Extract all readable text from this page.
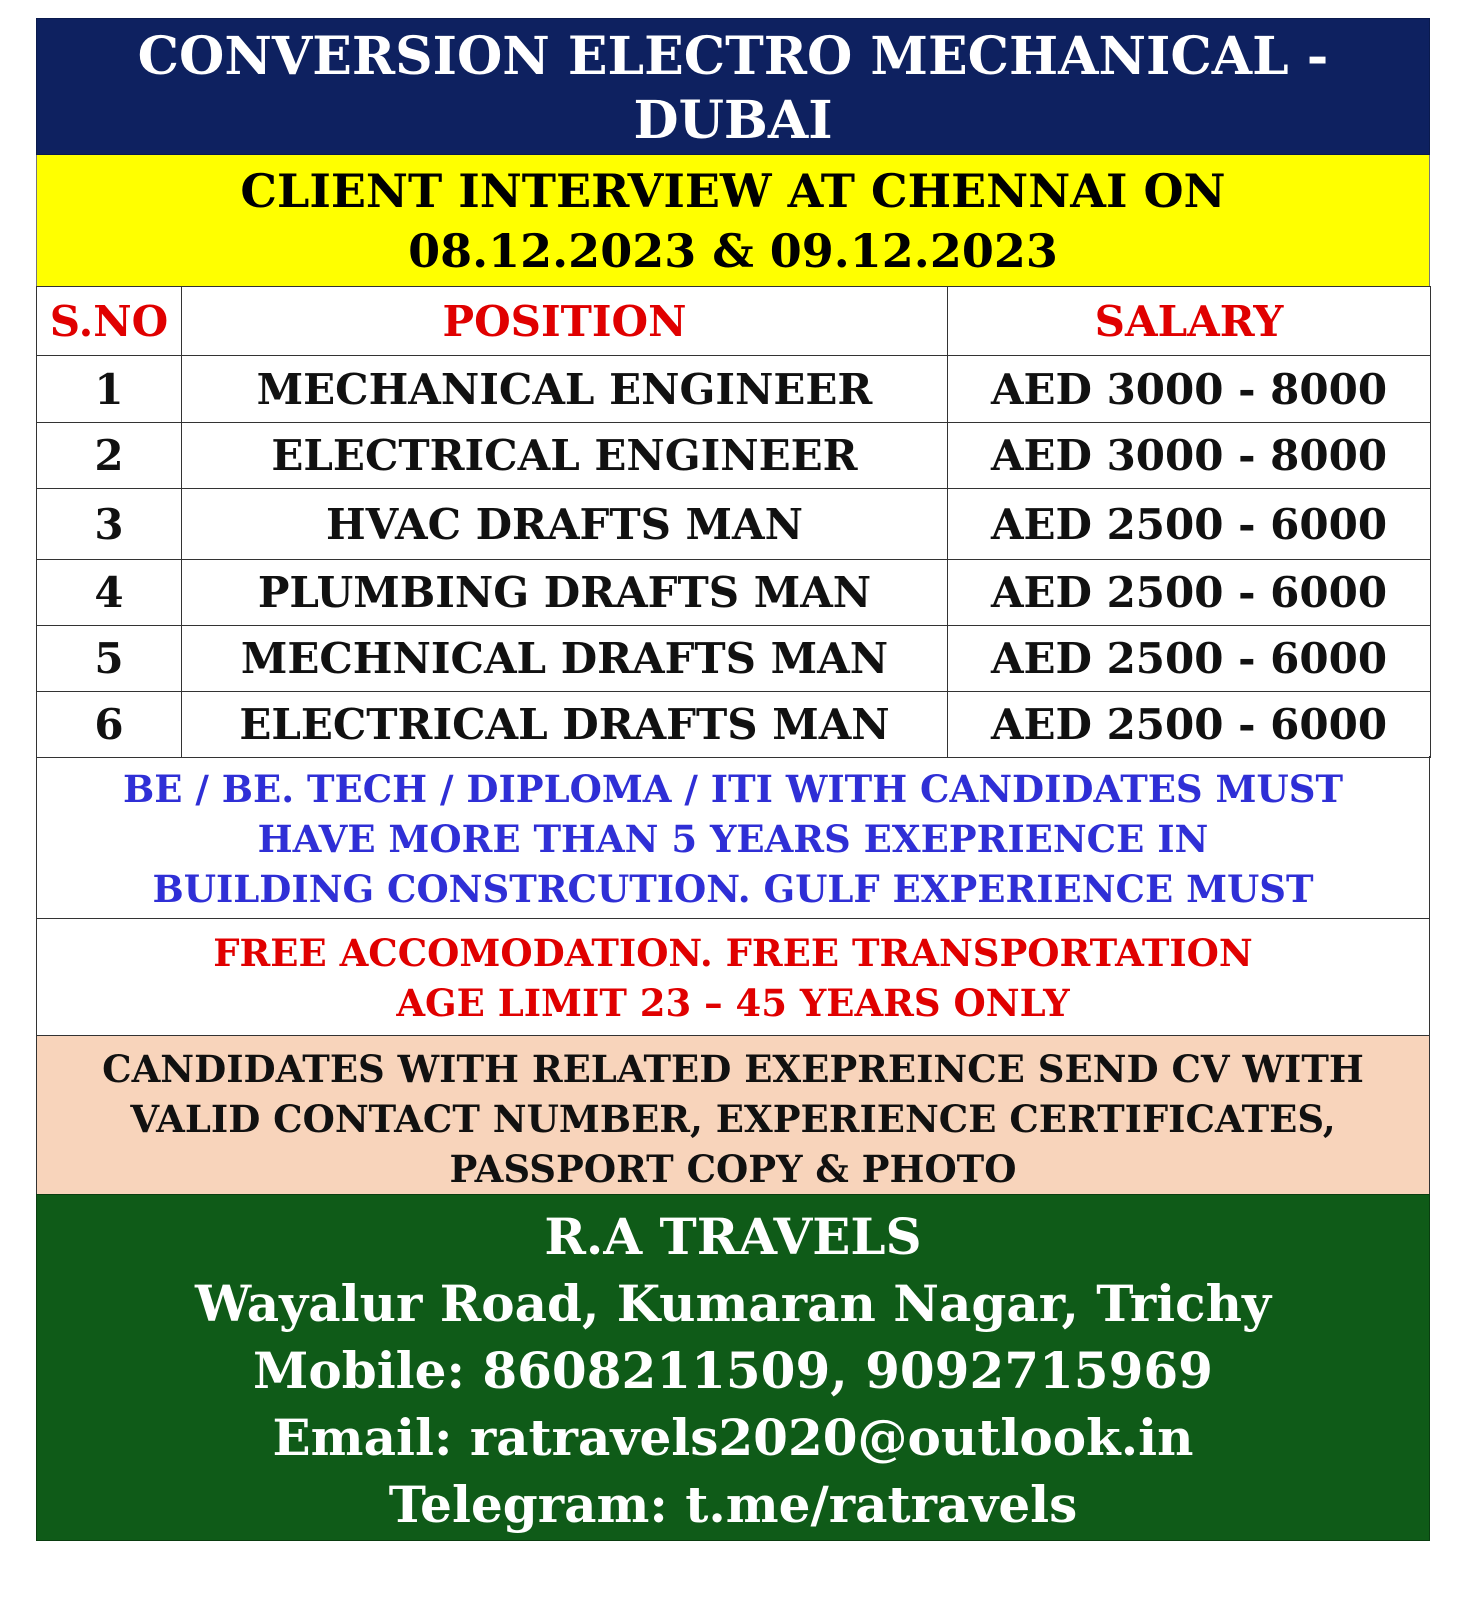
CONVERSION ELECTRO MECHANICAL -
DUBAI
CLIENT INTERVIEW AT CHENNAI ON
08.12.2023 & 09.12.2023
S.NO	POSITION	SALARY
1	MECHANICAL ENGINEER	AED 3000 - 8000
2	ELECTRICAL ENGINEER	AED 3000 - 8000
3	HVAC DRAFTS MAN	AED 2500 - 6000
4	PLUMBING DRAFTS MAN	AED 2500 - 6000
5	MECHNICAL DRAFTS MAN	AED 2500 - 6000
6	ELECTRICAL DRAFTS MAN	AED 2500 - 6000
BE / BE. TECH / DIPLOMA / ITI WITH CANDIDATES MUST
HAVE MORE THAN 5 YEARS EXEPRIENCE IN
BUILDING CONSTRCUTION. GULF EXPERIENCE MUST
FREE ACCOMODATION. FREE TRANSPORTATION
AGE LIMIT 23 – 45 YEARS ONLY
CANDIDATES WITH RELATED EXEPREINCE SEND CV WITH
VALID CONTACT NUMBER, EXPERIENCE CERTIFICATES,
PASSPORT COPY & PHOTO
R.A TRAVELS
Wayalur Road, Kumaran Nagar, Trichy
Mobile: 8608211509, 9092715969
Email: ratravels2020@outlook.in
Telegram: t.me/ratravels
